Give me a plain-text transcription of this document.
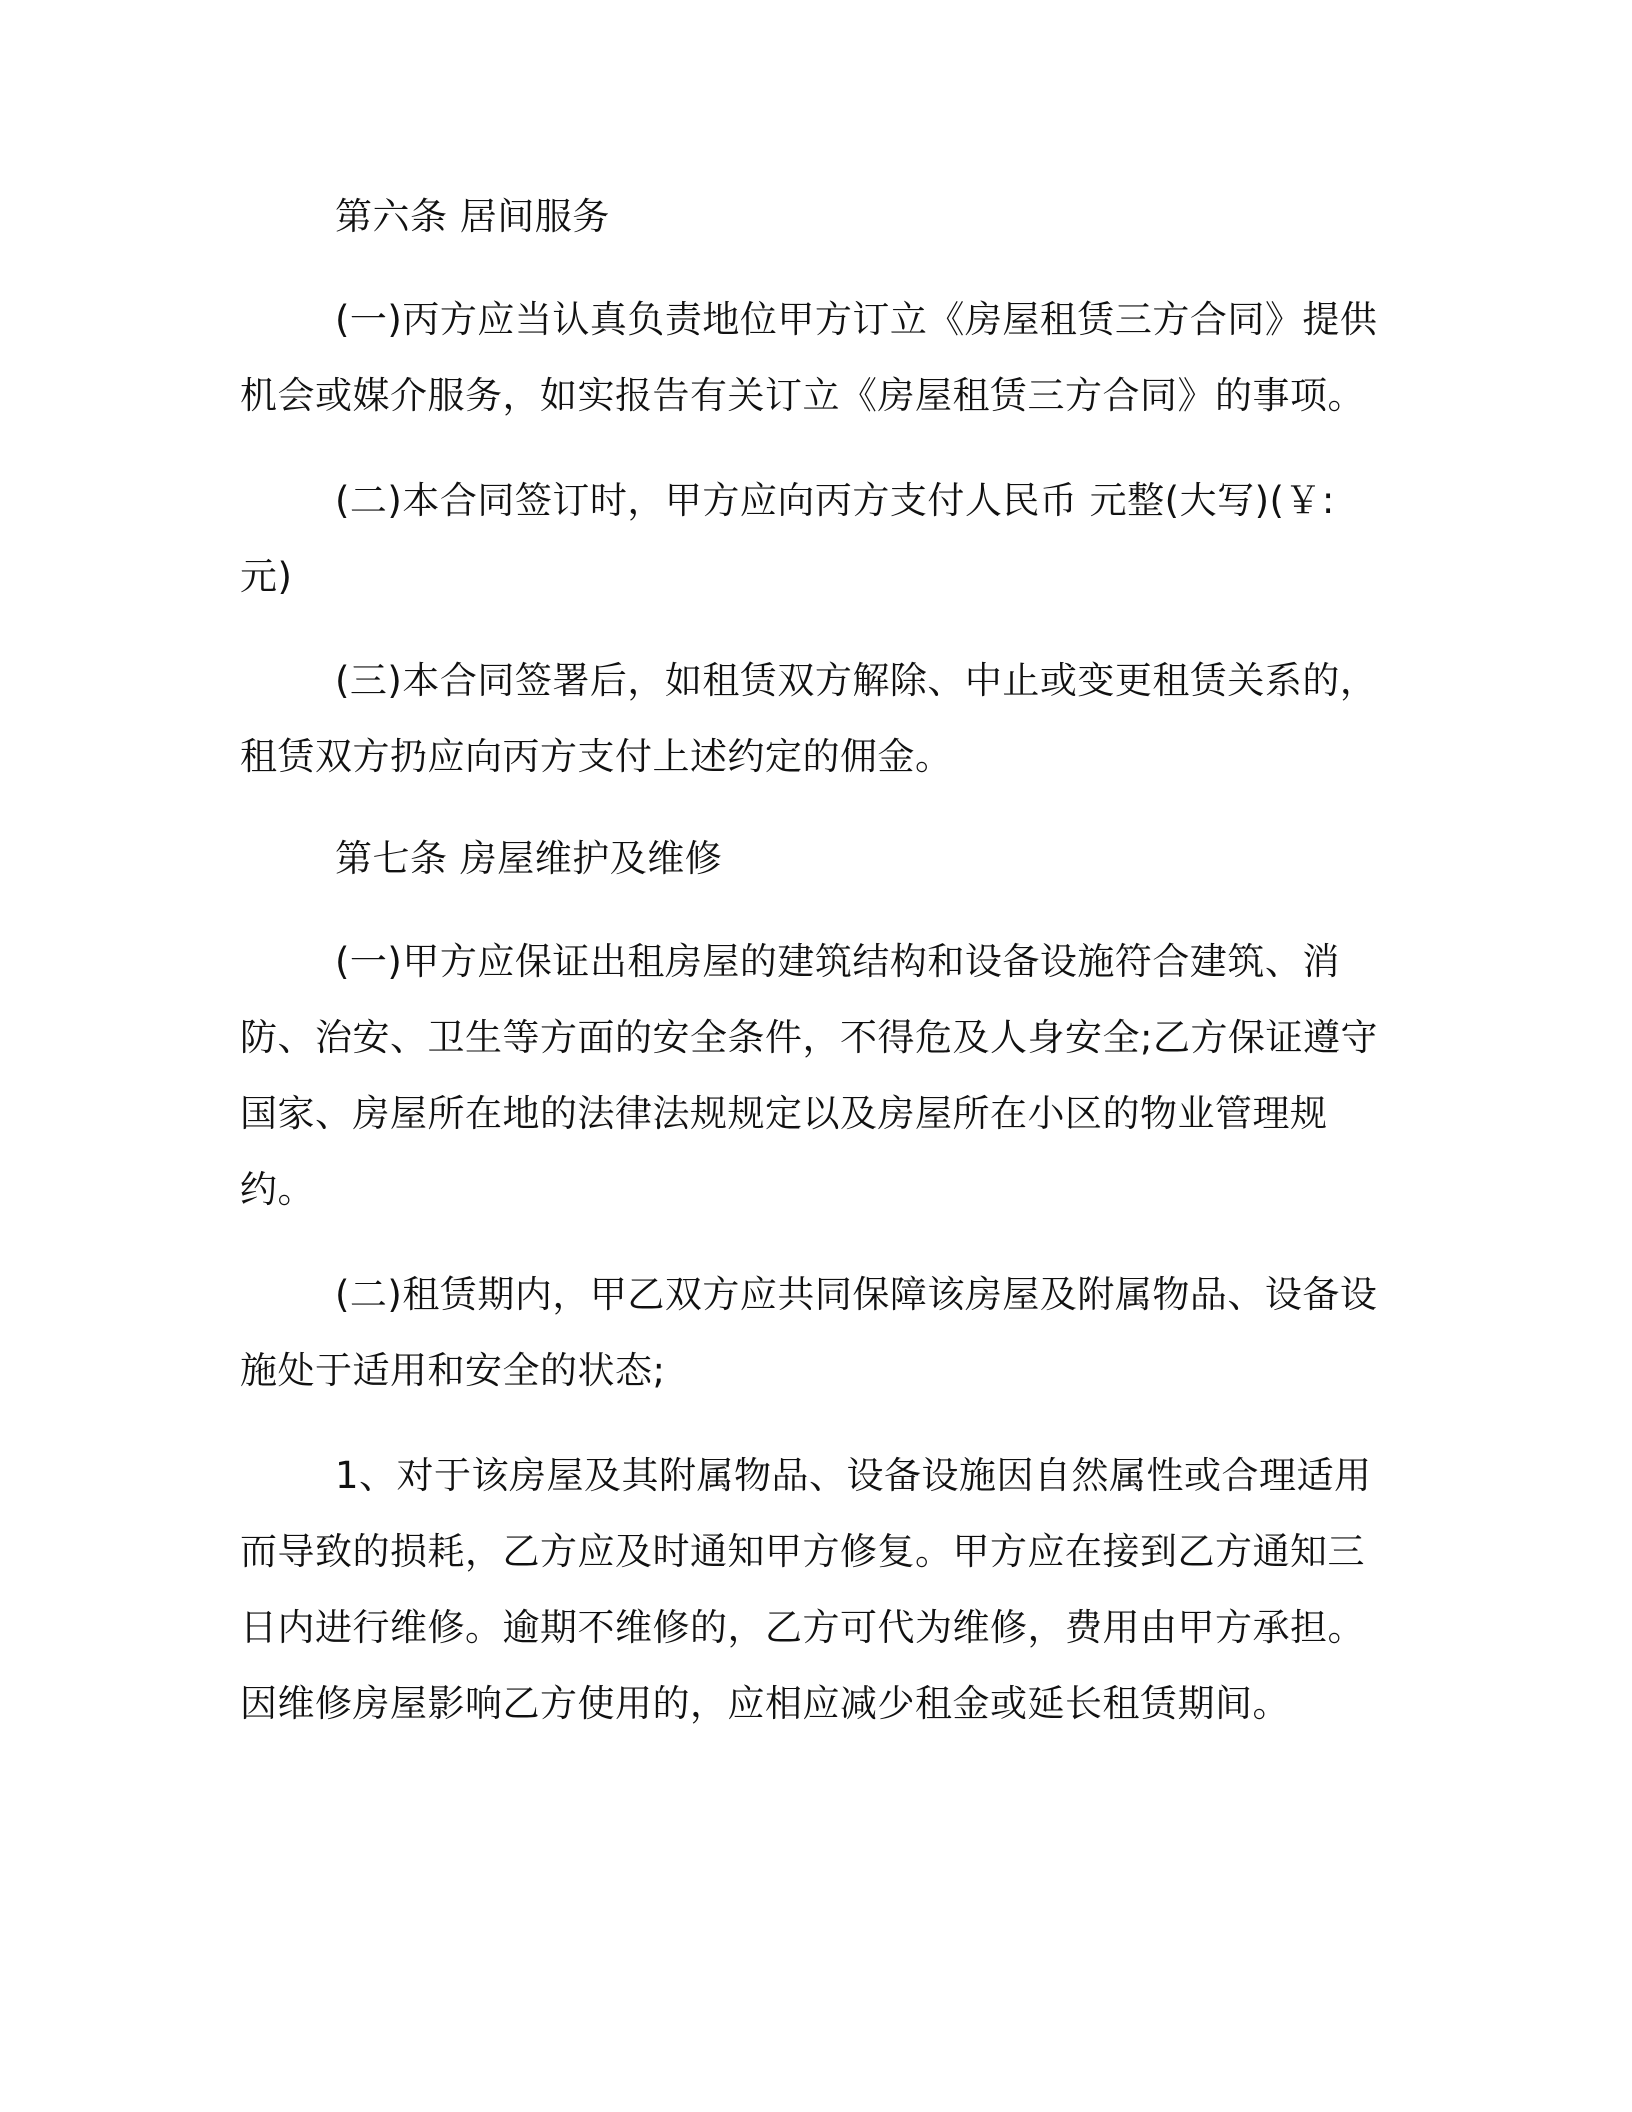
第六条 居间服务
(一)丙方应当认真负责地位甲方订立《房屋租赁三方合同》提供
机会或媒介服务，如实报告有关订立《房屋租赁三方合同》的事项。
(二)本合同签订时，甲方应向丙方支付人民币 元整(大写)(￥:
元)
(三)本合同签署后，如租赁双方解除、中止或变更租赁关系的，
租赁双方扔应向丙方支付上述约定的佣金。
第七条 房屋维护及维修
(一)甲方应保证出租房屋的建筑结构和设备设施符合建筑、消
防、治安、卫生等方面的安全条件，不得危及人身安全;乙方保证遵守
国家、房屋所在地的法律法规规定以及房屋所在小区的物业管理规
约。
(二)租赁期内，甲乙双方应共同保障该房屋及附属物品、设备设
施处于适用和安全的状态;
1、对于该房屋及其附属物品、设备设施因自然属性或合理适用
而导致的损耗，乙方应及时通知甲方修复。甲方应在接到乙方通知三
日内进行维修。逾期不维修的，乙方可代为维修，费用由甲方承担。
因维修房屋影响乙方使用的，应相应减少租金或延长租赁期间。
